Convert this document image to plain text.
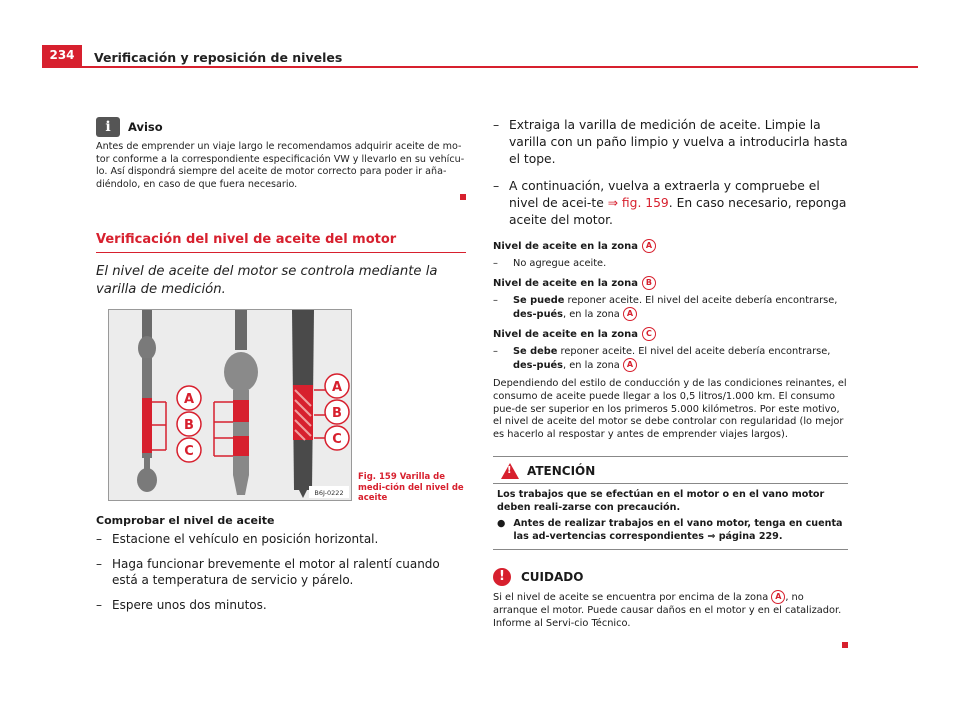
234	Verificación y reposición de niveles
i	Aviso
Antes de emprender un viaje largo le recomendamos adquirir aceite de mo-tor conforme a la correspondiente especificación VW y llevarlo en su vehícu-lo. Así dispondrá siempre del aceite de motor correcto para poder ir aña-diéndolo, en caso de que fuera necesario.
Verificación del nivel de aceite del motor
El nivel de aceite del motor se controla mediante la varilla de medición.
A
B
C
A
B
C
B6J-0222
Fig. 159 Varilla de medi-ción del nivel de aceite
Comprobar el nivel de aceite
– Estacione el vehículo en posición horizontal.
– Haga funcionar brevemente el motor al ralentí cuando está a temperatura de servicio y párelo.
– Espere unos dos minutos.
– Extraiga la varilla de medición de aceite. Limpie la varilla con un paño limpio y vuelva a introducirla hasta el tope.
– A continuación, vuelva a extraerla y compruebe el nivel de acei-te ⇒ fig. 159. En caso necesario, reponga aceite del motor.
Nivel de aceite en la zona A
– No agregue aceite.
Nivel de aceite en la zona B
– Se puede reponer aceite. El nivel del aceite debería encontrarse, des-pués, en la zona A
Nivel de aceite en la zona	C
– Se debe reponer aceite. El nivel del aceite debería encontrarse, des-pués, en la zona A
Dependiendo del estilo de conducción y de las condiciones reinantes, el consumo de aceite puede llegar a los 0,5 litros/1.000 km. El consumo pue-de ser superior en los primeros 5.000 kilómetros. Por este motivo, el nivel de aceite del motor se debe controlar con regularidad (lo mejor es hacerlo al respostar y antes de emprender viajes largos).
! ATENCIÓN
Los trabajos que se efectúan en el motor o en el vano motor deben reali-zarse con precaución.
● Antes de realizar trabajos en el vano motor, tenga en cuenta las ad-vertencias correspondientes ⇒ página 229.
!	CUIDADO
Si el nivel de aceite se encuentra por encima de la zona A , no arranque el motor. Puede causar daños en el motor y en el catalizador. Informe al Servi-cio Técnico.
